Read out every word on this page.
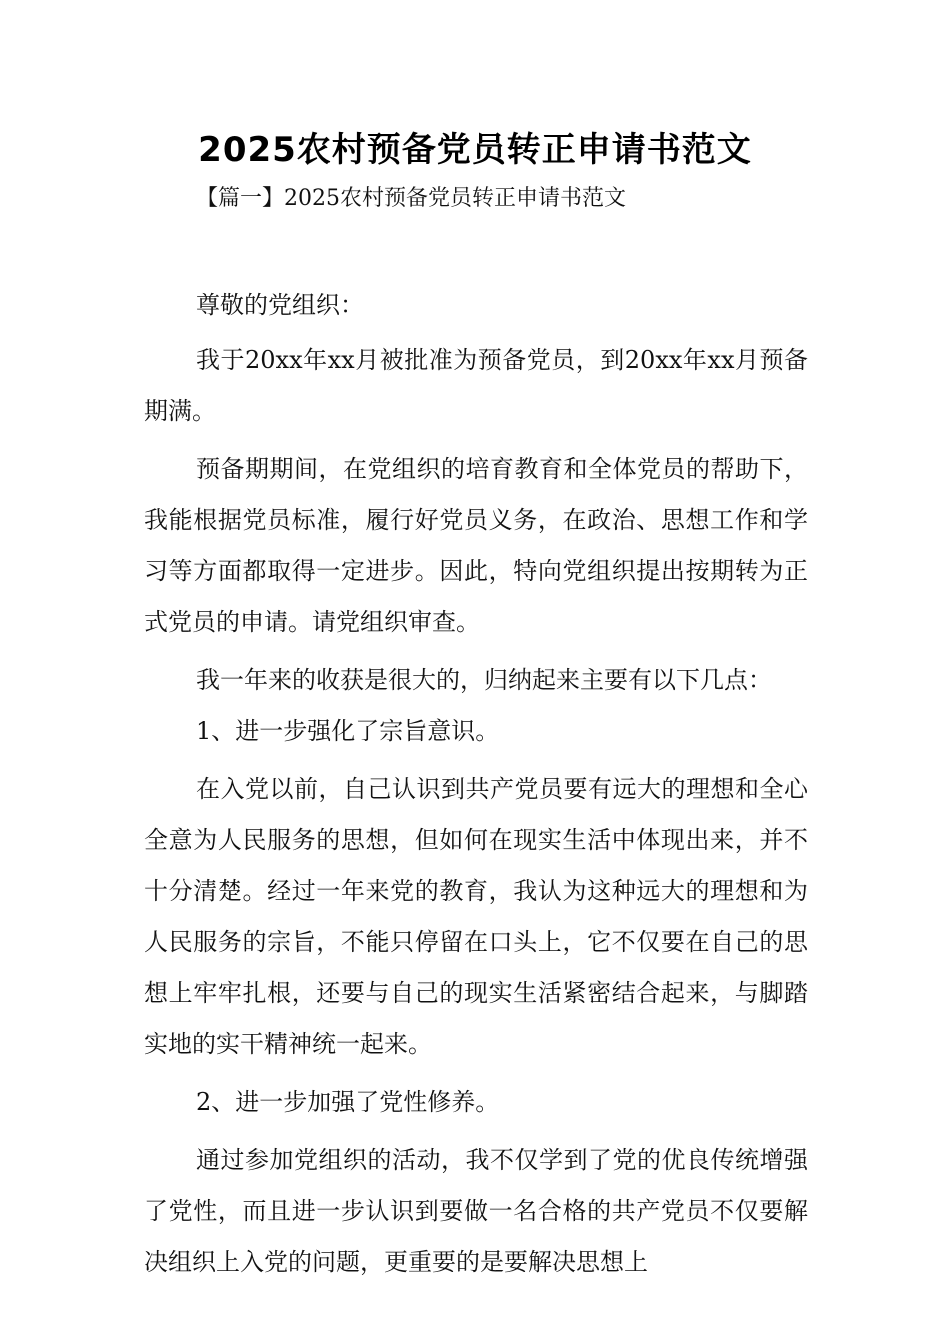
2025农村预备党员转正申请书范文

【篇一】2025农村预备党员转正申请书范文

尊敬的党组织：

我于20xx年xx月被批准为预备党员，到20xx年xx月预备期满。

预备期期间，在党组织的培育教育和全体党员的帮助下，我能根据党员标准，履行好党员义务，在政治、思想工作和学习等方面都取得一定进步。因此，特向党组织提出按期转为正式党员的申请。请党组织审查。

我一年来的收获是很大的，归纳起来主要有以下几点：

1、进一步强化了宗旨意识。

在入党以前，自己认识到共产党员要有远大的理想和全心全意为人民服务的思想，但如何在现实生活中体现出来，并不十分清楚。经过一年来党的教育，我认为这种远大的理想和为人民服务的宗旨，不能只停留在口头上，它不仅要在自己的思想上牢牢扎根，还要与自己的现实生活紧密结合起来，与脚踏实地的实干精神统一起来。

2、进一步加强了党性修养。

通过参加党组织的活动，我不仅学到了党的优良传统增强了党性，而且进一步认识到要做一名合格的共产党员不仅要解决组织上入党的问题，更重要的是要解决思想上
